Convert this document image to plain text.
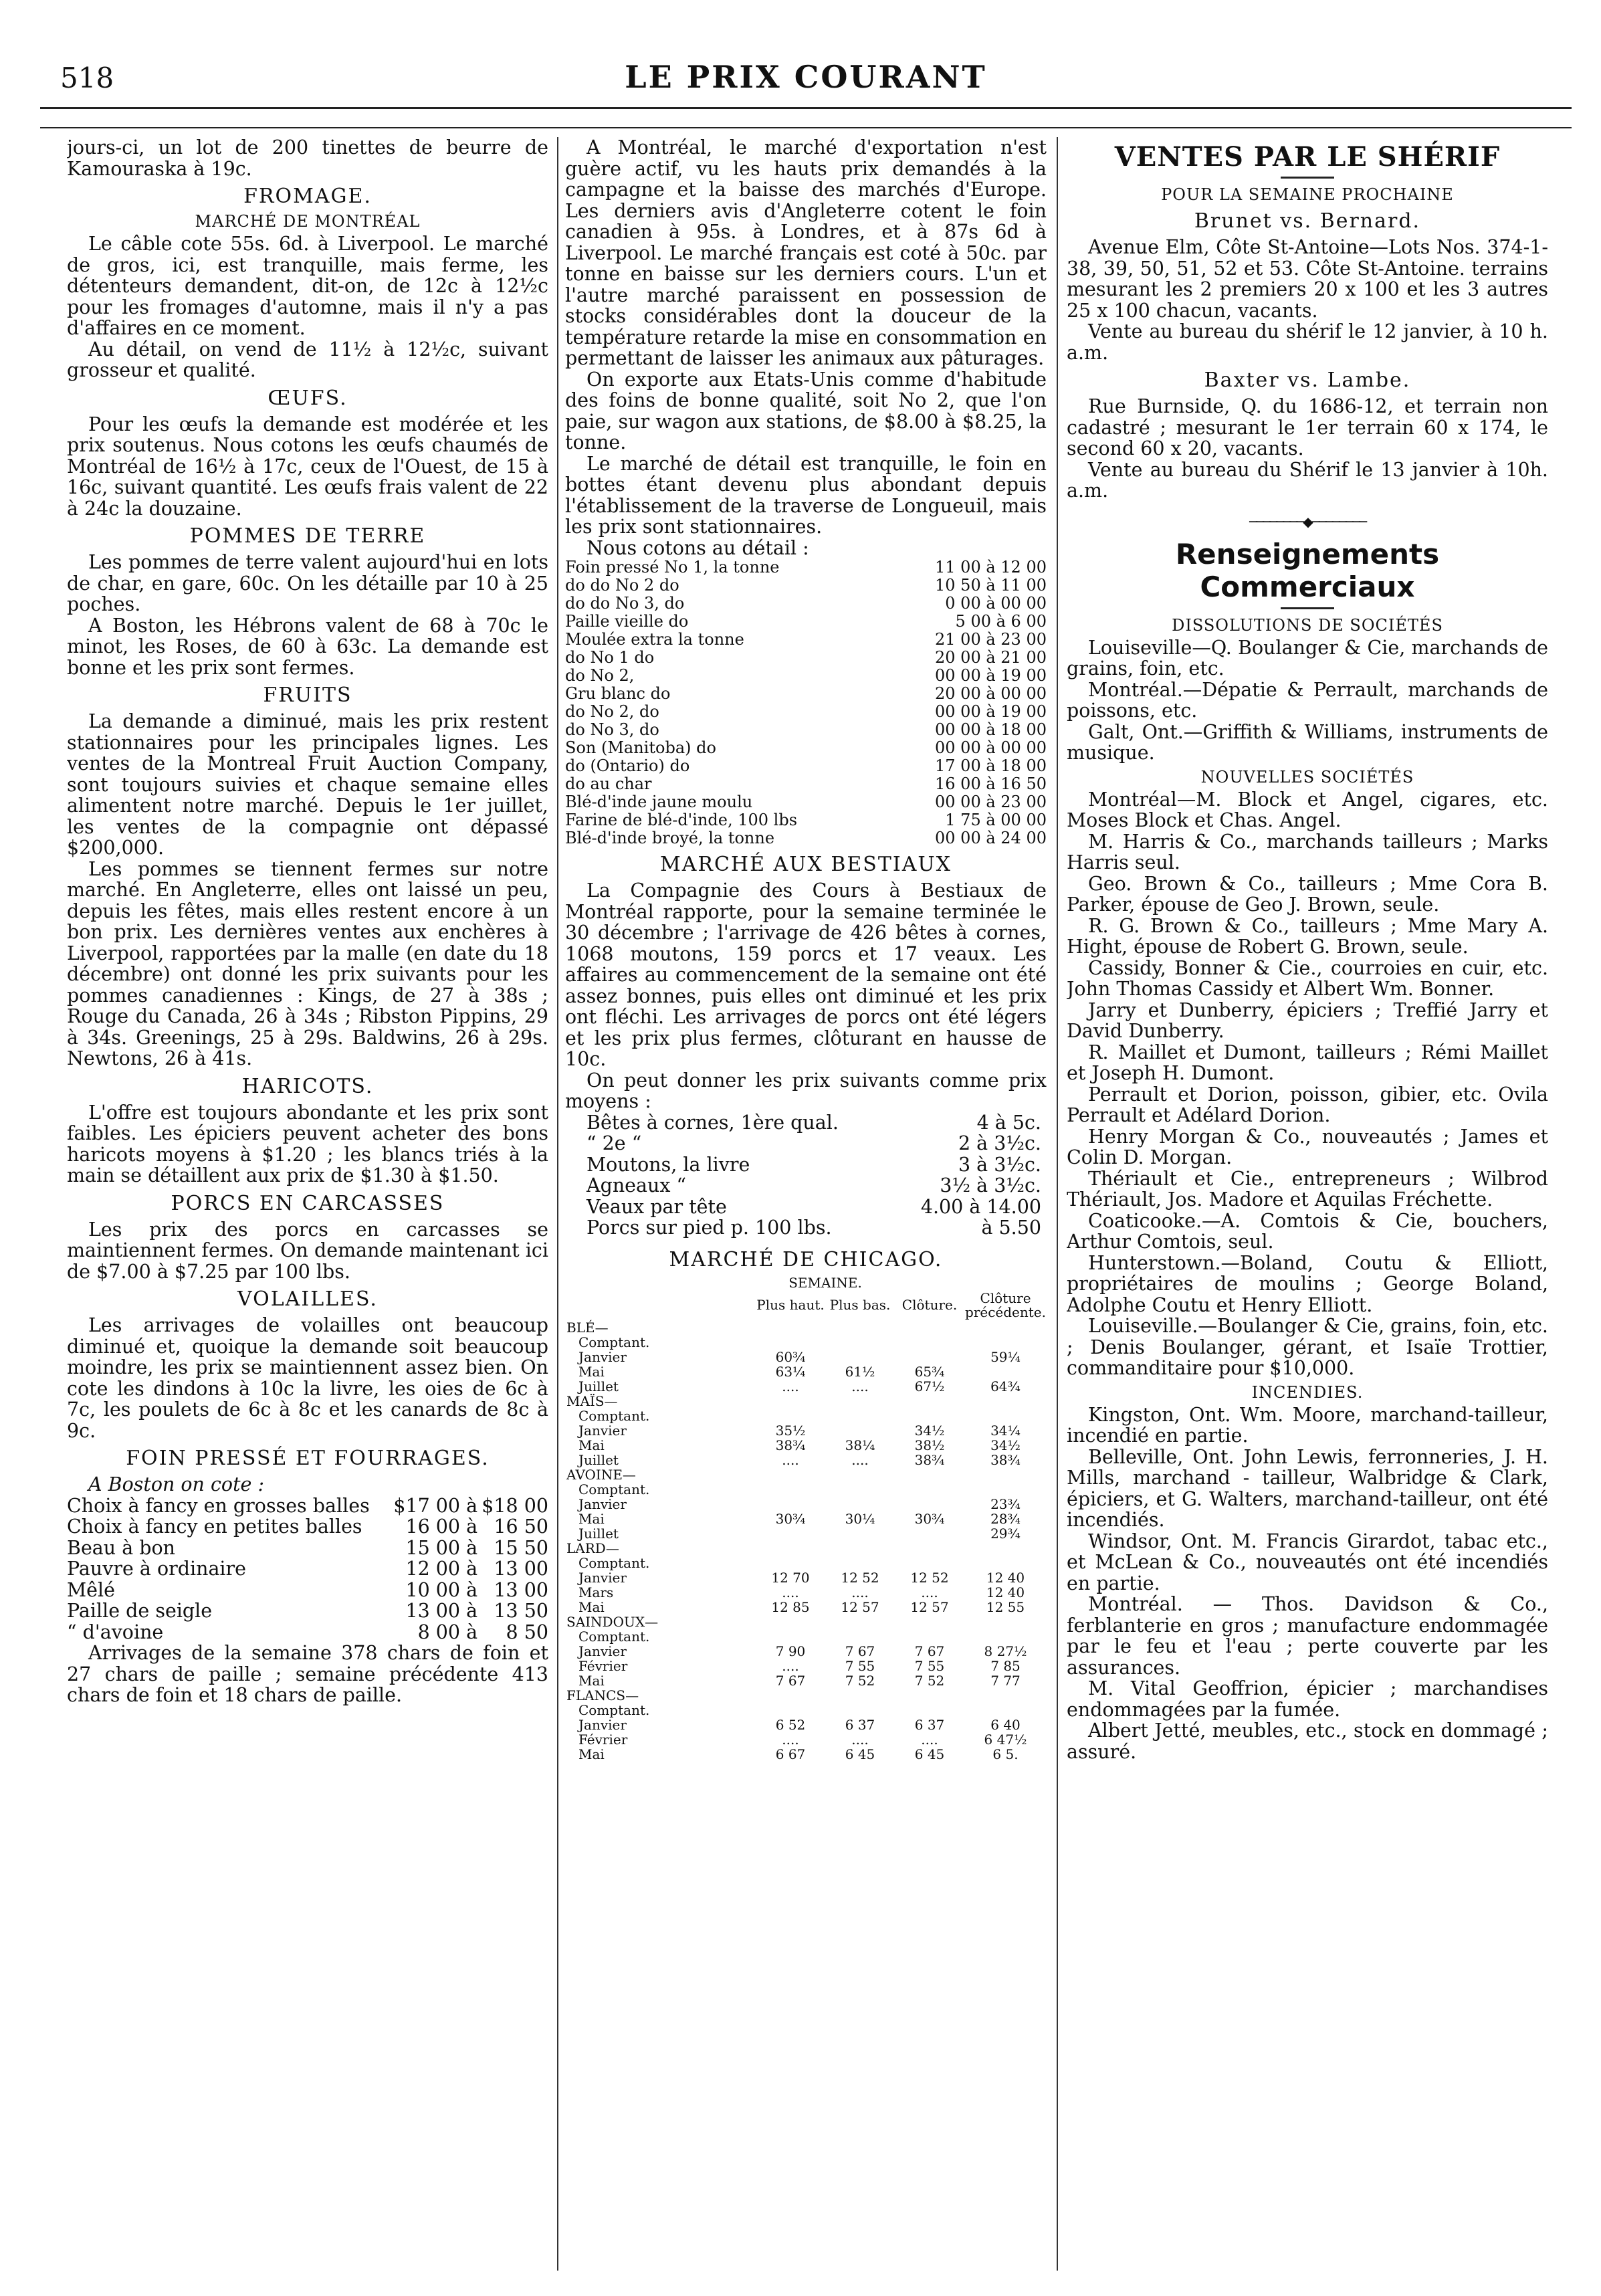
518	LE PRIX COURANT

jours-ci, un lot de 200 tinettes de beurre de Kamouraska à 19c.

FROMAGE.
MARCHÉ DE MONTRÉAL

Le câble cote 55s. 6d. à Liverpool. Le marché de gros, ici, est tranquille, mais ferme, les détenteurs demandent, dit-on, de 12c à 12½c pour les fromages d'automne, mais il n'y a pas d'affaires en ce moment.

Au détail, on vend de 11½ à 12½c, suivant grosseur et qualité.

ŒUFS.

Pour les œufs la demande est modérée et les prix soutenus. Nous cotons les œufs chaumés de Montréal de 16½ à 17c, ceux de l'Ouest, de 15 à 16c, suivant quantité. Les œufs frais valent de 22 à 24c la douzaine.

POMMES DE TERRE

Les pommes de terre valent aujourd'hui en lots de char, en gare, 60c. On les détaille par 10 à 25 poches.

A Boston, les Hébrons valent de 68 à 70c le minot, les Roses, de 60 à 63c. La demande est bonne et les prix sont fermes.

FRUITS

La demande a diminué, mais les prix restent stationnaires pour les principales lignes. Les ventes de la Montreal Fruit Auction Company, sont toujours suivies et chaque semaine elles alimentent notre marché. Depuis le 1er juillet, les ventes de la compagnie ont dépassé $200,000.

Les pommes se tiennent fermes sur notre marché. En Angleterre, elles ont laissé un peu, depuis les fêtes, mais elles restent encore à un bon prix. Les dernières ventes aux enchères à Liverpool, rapportées par la malle (en date du 18 décembre) ont donné les prix suivants pour les pommes canadiennes : Kings, de 27 à 38s ; Rouge du Canada, 26 à 34s ; Ribston Pippins, 29 à 34s. Greenings, 25 à 29s. Baldwins, 26 à 29s. Newtons, 26 à 41s.

HARICOTS.

L'offre est toujours abondante et les prix sont faibles. Les épiciers peuvent acheter des bons haricots moyens à $1.20 ; les blancs triés à la main se détaillent aux prix de $1.30 à $1.50.

PORCS EN CARCASSES

Les prix des porcs en carcasses se maintiennent fermes. On demande maintenant ici de $7.00 à $7.25 par 100 lbs.

VOLAILLES.

Les arrivages de volailles ont beaucoup diminué et, quoique la demande soit beaucoup moindre, les prix se maintiennent assez bien. On cote les dindons à 10c la livre, les oies de 6c à 7c, les poulets de 6c à 8c et les canards de 8c à 9c.

FOIN PRESSÉ ET FOURRAGES.

A Boston on cote :

Choix à fancy en grosses balles	$17 00 à	$18 00
Choix à fancy en petites balles	16 00 à	16 50
Beau à bon	15 00 à	15 50
Pauvre à ordinaire	12 00 à	13 00
Mêlé	10 00 à	13 00
Paille de seigle	13 00 à	13 50
“ d'avoine	8 00 à	8 50

Arrivages de la semaine 378 chars de foin et 27 chars de paille ; semaine précédente 413 chars de foin et 18 chars de paille.

A Montréal, le marché d'exportation n'est guère actif, vu les hauts prix demandés à la campagne et la baisse des marchés d'Europe. Les derniers avis d'Angleterre cotent le foin canadien à 95s. à Londres, et à 87s 6d à Liverpool. Le marché français est coté à 50c. par tonne en baisse sur les derniers cours. L'un et l'autre marché paraissent en possession de stocks considérables dont la douceur de la température retarde la mise en consommation en permettant de laisser les animaux aux pâturages.

On exporte aux Etats-Unis comme d'habitude des foins de bonne qualité, soit No 2, que l'on paie, sur wagon aux stations, de $8.00 à $8.25, la tonne.

Le marché de détail est tranquille, le foin en bottes étant devenu plus abondant depuis l'établissement de la traverse de Longueuil, mais les prix sont stationnaires.

Nous cotons au détail :

Foin pressé No 1, la tonne	11 00 à 12 00
do do No 2 do	10 50 à 11 00
do do No 3, do	0 00 à 00 00
Paille vieille do	5 00 à 6 00
Moulée extra la tonne	21 00 à 23 00
do No 1 do	20 00 à 21 00
do No 2,	00 00 à 19 00
Gru blanc do	20 00 à 00 00
do No 2, do	00 00 à 19 00
do No 3, do	00 00 à 18 00
Son (Manitoba) do	00 00 à 00 00
do (Ontario) do	17 00 à 18 00
do au char	16 00 à 16 50
Blé-d'inde jaune moulu	00 00 à 23 00
Farine de blé-d'inde, 100 lbs	1 75 à 00 00
Blé-d'inde broyé, la tonne	00 00 à 24 00
MARCHÉ AUX BESTIAUX

La Compagnie des Cours à Bestiaux de Montréal rapporte, pour la semaine terminée le 30 décembre ; l'arrivage de 426 bêtes à cornes, 1068 moutons, 159 porcs et 17 veaux. Les affaires au commencement de la semaine ont été assez bonnes, puis elles ont diminué et les prix ont fléchi. Les arrivages de porcs ont été légers et les prix plus fermes, clôturant en hausse de 10c.

On peut donner les prix suivants comme prix moyens :

Bêtes à cornes, 1ère qual.	4 à 5c.
“ 2e “	2 à 3½c.
Moutons, la livre	3 à 3½c.
Agneaux “	3½ à 3½c.
Veaux par tête	4.00 à 14.00
Porcs sur pied p. 100 lbs.	à 5.50
MARCHÉ DE CHICAGO.
	SEMAINE.			
	Plus haut.	Plus bas.	Clôture.	Clôture précédente.
BLÉ—				
Comptant.				
Janvier	60¾			59¼
Mai	63¼	61½	65¾	
Juillet	....	....	67½	64¾
MAÏS—				
Comptant.				
Janvier	35½		34½	34¼
Mai	38¾	38¼	38½	34½
Juillet	....	....	38¾	38¾
AVOINE—				
Comptant.				
Janvier				23¾
Mai	30¾	30¼	30¾	28¾
Juillet				29¾
LARD—				
Comptant.				
Janvier	12 70	12 52	12 52	12 40
Mars	....	....	....	12 40
Mai	12 85	12 57	12 57	12 55
SAINDOUX—				
Comptant.				
Janvier	7 90	7 67	7 67	8 27½
Février	....	7 55	7 55	7 85
Mai	7 67	7 52	7 52	7 77
FLANCS—				
Comptant.				
Janvier	6 52	6 37	6 37	6 40
Février	....	....	....	6 47½
Mai	6 67	6 45	6 45	6 5.
VENTES PAR LE SHÉRIF
POUR LA SEMAINE PROCHAINE
Brunet vs. Bernard.

Avenue Elm, Côte St-Antoine—Lots Nos. 374-1-38, 39, 50, 51, 52 et 53. Côte St-Antoine. terrains mesurant les 2 premiers 20 x 100 et les 3 autres 25 x 100 chacun, vacants.

Vente au bureau du shérif le 12 janvier, à 10 h. a.m.

Baxter vs. Lambe.

Rue Burnside, Q. du 1686-12, et terrain non cadastré ; mesurant le 1er terrain 60 x 174, le second 60 x 20, vacants.

Vente au bureau du Shérif le 13 janvier à 10h. a.m.

────────◆────────
Renseignements Commerciaux
DISSOLUTIONS DE SOCIÉTÉS

Louiseville—Q. Boulanger & Cie, marchands de grains, foin, etc.

Montréal.—Dépatie & Perrault, marchands de poissons, etc.

Galt, Ont.—Griffith & Williams, instruments de musique.

NOUVELLES SOCIÉTÉS

Montréal—M. Block et Angel, cigares, etc. Moses Block et Chas. Angel.

M. Harris & Co., marchands tailleurs ; Marks Harris seul.

Geo. Brown & Co., tailleurs ; Mme Cora B. Parker, épouse de Geo J. Brown, seule.

R. G. Brown & Co., tailleurs ; Mme Mary A. Hight, épouse de Robert G. Brown, seule.

Cassidy, Bonner & Cie., courroies en cuir, etc. John Thomas Cassidy et Albert Wm. Bonner.

Jarry et Dunberry, épiciers ; Treffié Jarry et David Dunberry.

R. Maillet et Dumont, tailleurs ; Rémi Maillet et Joseph H. Dumont.

Perrault et Dorion, poisson, gibier, etc. Ovila Perrault et Adélard Dorion.

Henry Morgan & Co., nouveautés ; James et Colin D. Morgan.

Thériault et Cie., entrepreneurs ; Wilbrod Thériault, Jos. Madore et Aquilas Fréchette.

Coaticooke.—A. Comtois & Cie, bouchers, Arthur Comtois, seul.

Hunterstown.—Boland, Coutu & Elliott, propriétaires de moulins ; George Boland, Adolphe Coutu et Henry Elliott.

Louiseville.—Boulanger & Cie, grains, foin, etc. ; Denis Boulanger, gérant, et Isaïe Trottier, commanditaire pour $10,000.

INCENDIES.

Kingston, Ont. Wm. Moore, marchand-tailleur, incendié en partie.

Belleville, Ont. John Lewis, ferronneries, J. H. Mills, marchand - tailleur, Walbridge & Clark, épiciers, et G. Walters, marchand-tailleur, ont été incendiés.

Windsor, Ont. M. Francis Girardot, tabac etc., et McLean & Co., nouveautés ont été incendiés en partie.

Montréal. — Thos. Davidson & Co., ferblanterie en gros ; manufacture endommagée par le feu et l'eau ; perte couverte par les assurances.

M. Vital Geoffrion, épicier ; marchandises endommagées par la fumée.

Albert Jetté, meubles, etc., stock en dommagé ; assuré.
